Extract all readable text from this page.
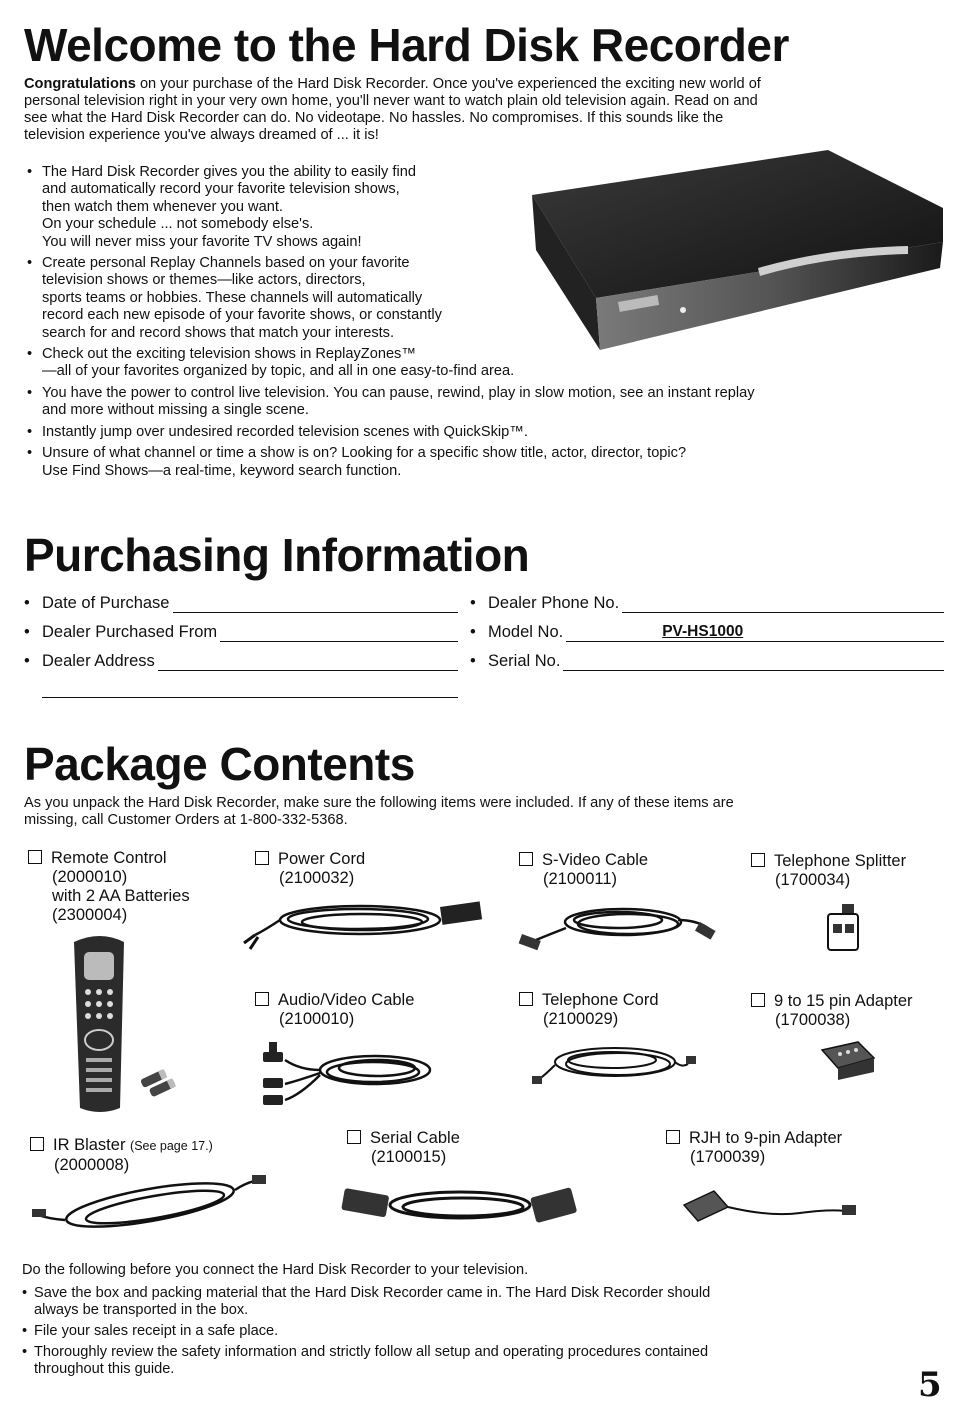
Welcome to the Hard Disk Recorder
Congratulations on your purchase of the Hard Disk Recorder. Once you've experienced the exciting new world of
personal television right in your very own home, you'll never want to watch plain old television again. Read on and
see what the Hard Disk Recorder can do. No videotape. No hassles. No compromises. If this sounds like the
television experience you've always dreamed of ... it is!
• The Hard Disk Recorder gives you the ability to easily find
and automatically record your favorite television shows,
then watch them whenever you want.
On your schedule ... not somebody else's.
You will never miss your favorite TV shows again!
• Create personal Replay Channels based on your favorite
television shows or themes—like actors, directors,
sports teams or hobbies. These channels will automatically
record each new episode of your favorite shows, or constantly
search for and record shows that match your interests.
• Check out the exciting television shows in ReplayZones™
—all of your favorites organized by topic, and all in one easy-to-find area.
• You have the power to control live television. You can pause, rewind, play in slow motion, see an instant replay
and more without missing a single scene.
• Instantly jump over undesired recorded television scenes with QuickSkip™.
• Unsure of what channel or time a show is on? Looking for a specific show title, actor, director, topic?
Use Find Shows—a real-time, keyword search function.
Purchasing Information
• Date of Purchase
• Dealer Purchased From
• Dealer Address
• Dealer Phone No.
• Model No.	PV-HS1000
• Serial No.
Package Contents
As you unpack the Hard Disk Recorder, make sure the following items were included. If any of these items are
missing, call Customer Orders at 1-800-332-5368.
Remote Control
(2000010)
with 2 AA Batteries
(2300004)
Power Cord
(2100032)
S-Video Cable
(2100011)
Telephone Splitter
(1700034)
Audio/Video Cable
(2100010)
Telephone Cord
(2100029)
9 to 15 pin Adapter
(1700038)
IR Blaster (See page 17.)
(2000008)
Serial Cable
(2100015)
RJH to 9-pin Adapter
(1700039)
Do the following before you connect the Hard Disk Recorder to your television.
• Save the box and packing material that the Hard Disk Recorder came in. The Hard Disk Recorder should
always be transported in the box.
• File your sales receipt in a safe place.
• Thoroughly review the safety information and strictly follow all setup and operating procedures contained
throughout this guide.	5
